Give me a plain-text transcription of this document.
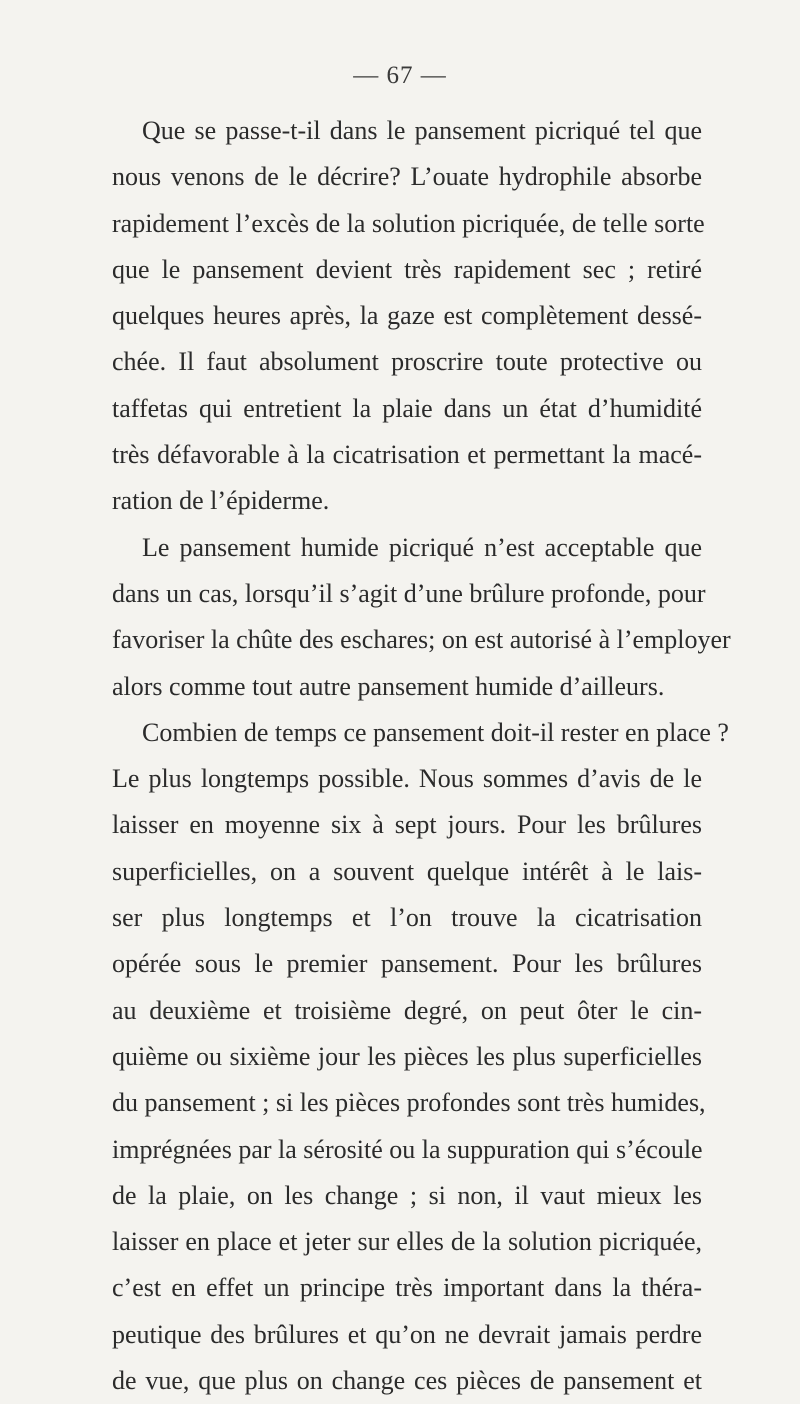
— 67 —
Que se passe-t-il dans le pansement picriqué tel que
nous venons de le décrire? L’ouate hydrophile absorbe
rapidement l’excès de la solution picriquée, de telle sorte
que le pansement devient très rapidement sec ; retiré
quelques heures après, la gaze est complètement dessé-
chée. Il faut absolument proscrire toute protective ou
taffetas qui entretient la plaie dans un état d’humidité
très défavorable à la cicatrisation et permettant la macé-
ration de l’épiderme.
Le pansement humide picriqué n’est acceptable que
dans un cas, lorsqu’il s’agit d’une brûlure profonde, pour
favoriser la chûte des eschares; on est autorisé à l’employer
alors comme tout autre pansement humide d’ailleurs.
Combien de temps ce pansement doit-il rester en place ?
Le plus longtemps possible. Nous sommes d’avis de le
laisser en moyenne six à sept jours. Pour les brûlures
superficielles, on a souvent quelque intérêt à le lais-
ser plus longtemps et l’on trouve la cicatrisation
opérée sous le premier pansement. Pour les brûlures
au deuxième et troisième degré, on peut ôter le cin-
quième ou sixième jour les pièces les plus superficielles
du pansement ; si les pièces profondes sont très humides,
imprégnées par la sérosité ou la suppuration qui s’écoule
de la plaie, on les change ; si non, il vaut mieux les
laisser en place et jeter sur elles de la solution picriquée,
c’est en effet un principe très important dans la théra-
peutique des brûlures et qu’on ne devrait jamais perdre
de vue, que plus on change ces pièces de pansement et
